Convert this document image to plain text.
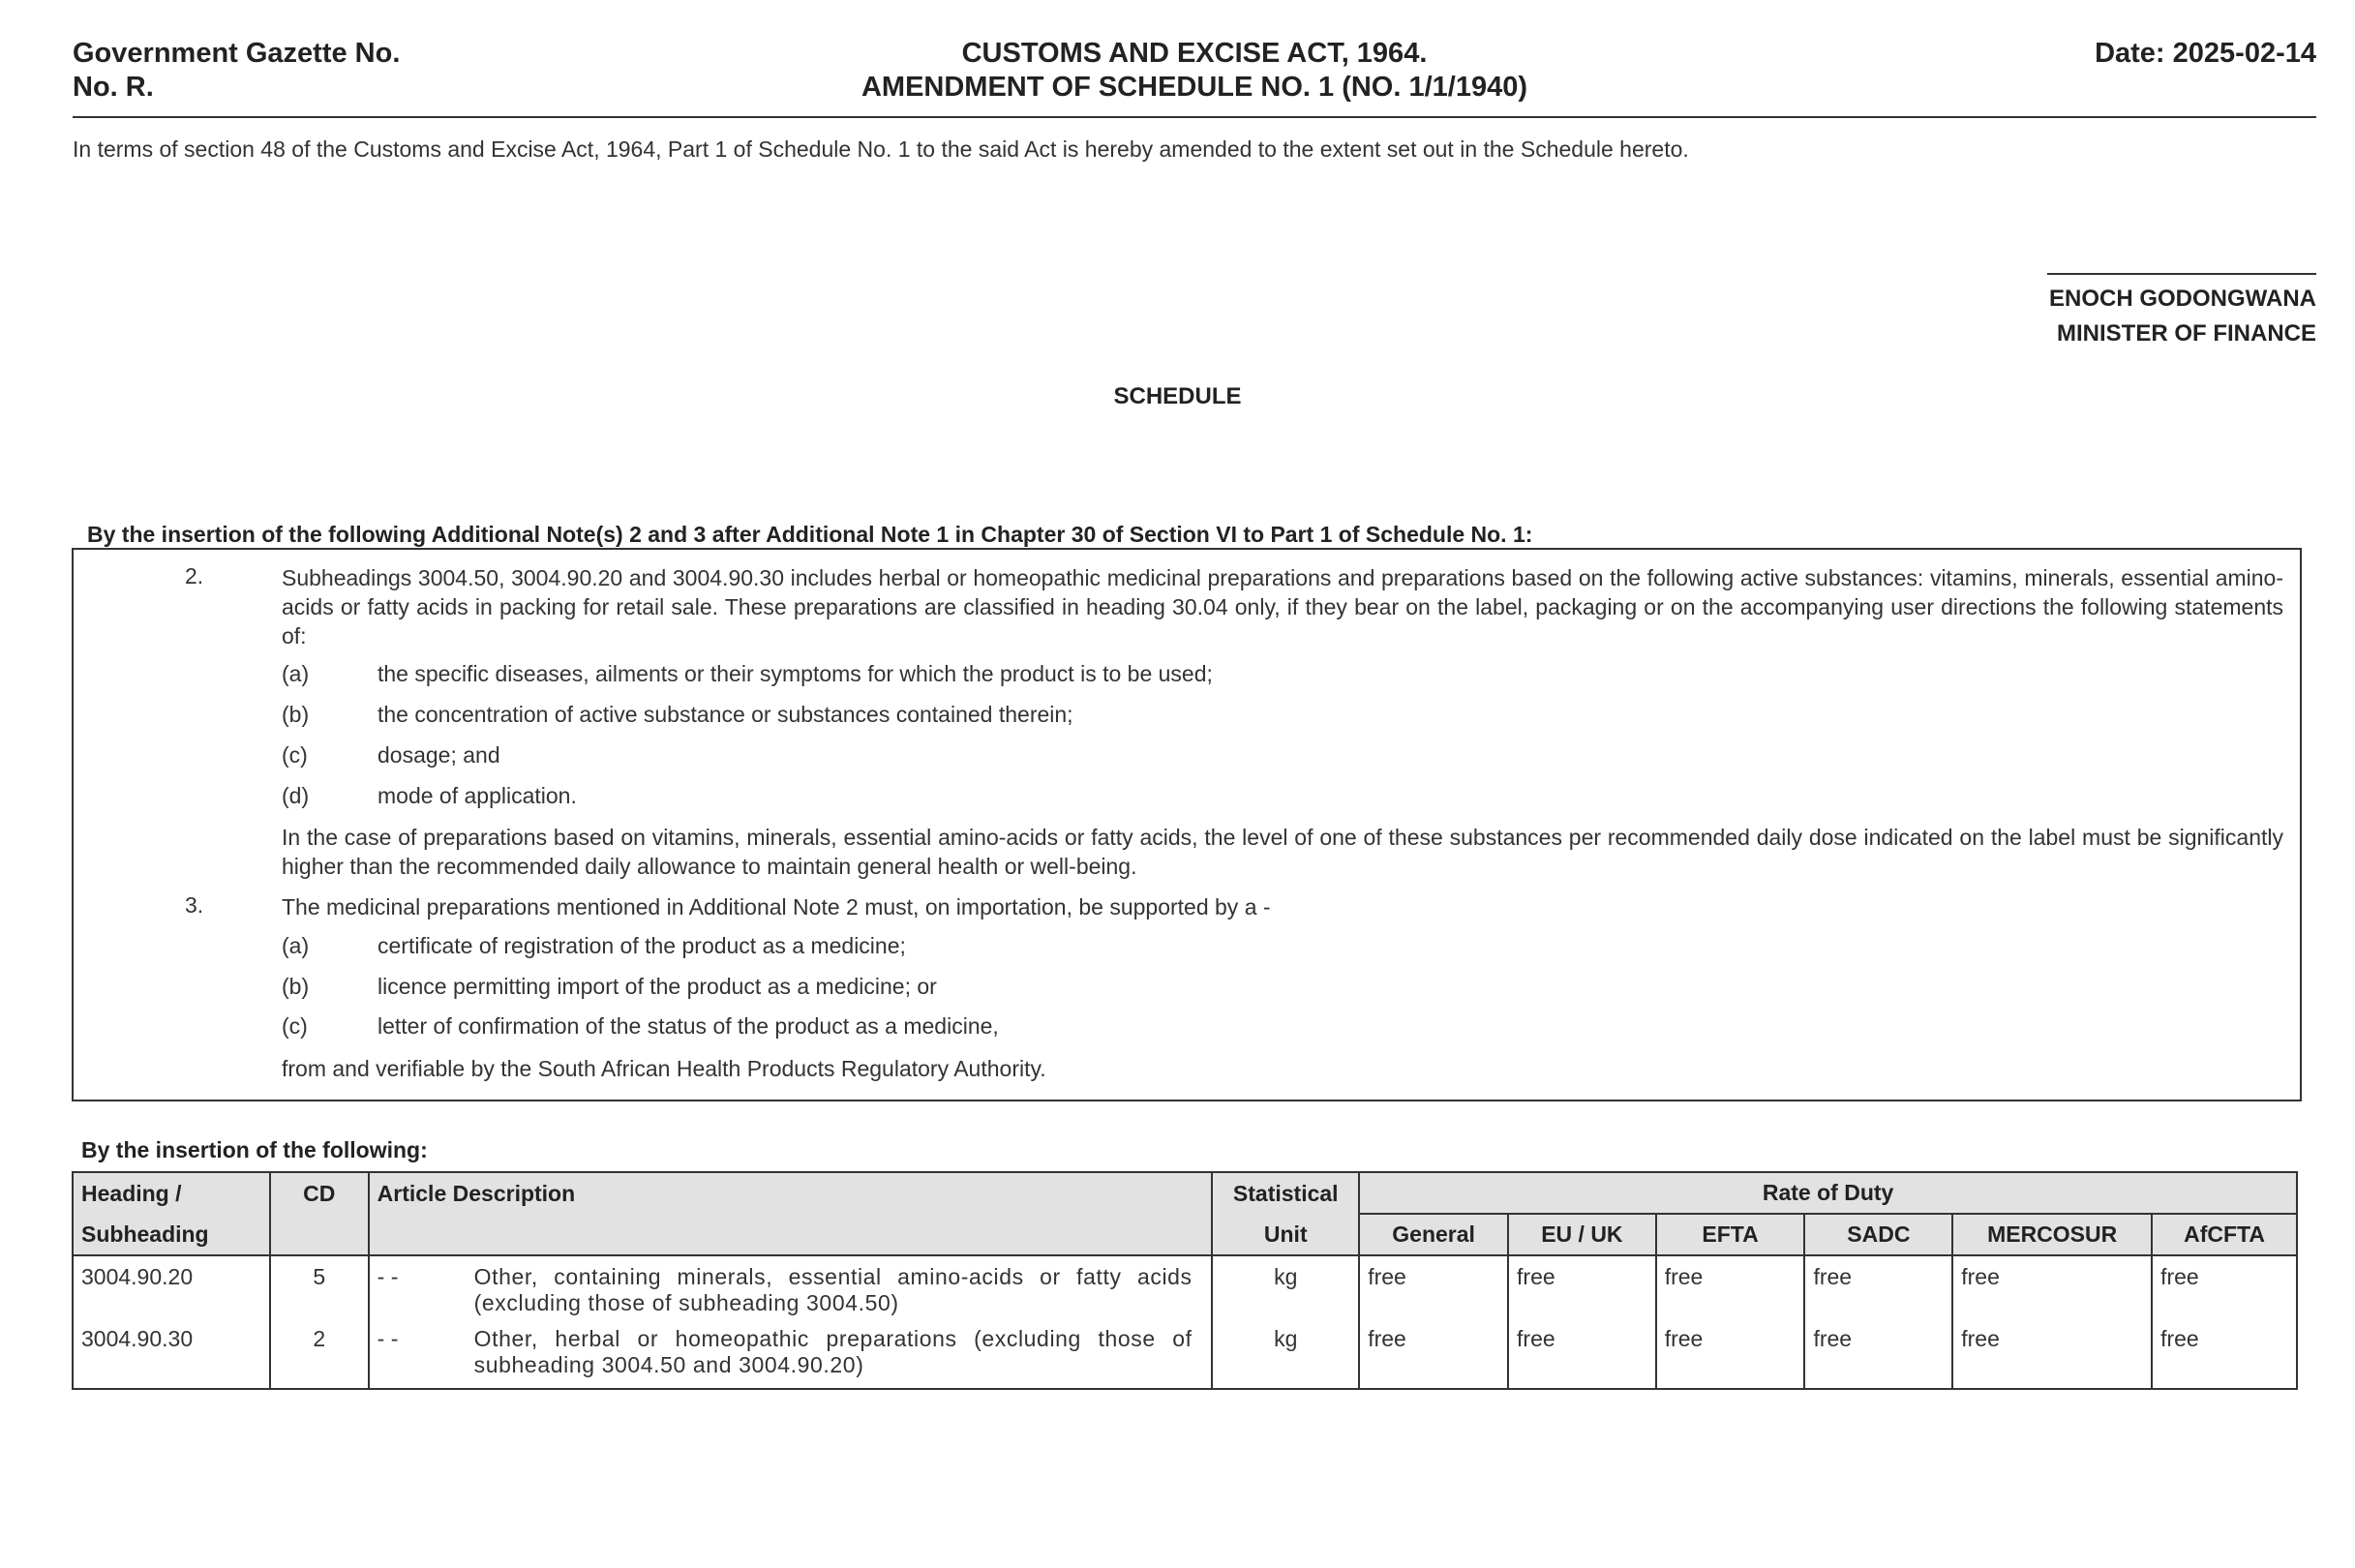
Government Gazette No.
No. R.
CUSTOMS AND EXCISE ACT, 1964.
AMENDMENT OF SCHEDULE NO. 1 (NO. 1/1/1940)
Date: 2025-02-14
In terms of section 48 of the Customs and Excise Act, 1964, Part 1 of Schedule No. 1 to the said Act is hereby amended to the extent set out in the Schedule hereto.
ENOCH GODONGWANA
MINISTER OF FINANCE
SCHEDULE
By the insertion of the following Additional Note(s) 2 and 3 after Additional Note 1 in Chapter 30 of Section VI to Part 1 of Schedule No. 1:
2.	Subheadings 3004.50, 3004.90.20 and 3004.90.30 includes herbal or homeopathic medicinal preparations and preparations based on the following active substances: vitamins, minerals, essential amino-acids or fatty acids in packing for retail sale. These preparations are classified in heading 30.04 only, if they bear on the label, packaging or on the accompanying user directions the following statements of:
(a)	the specific diseases, ailments or their symptoms for which the product is to be used;
(b)	the concentration of active substance or substances contained therein;
(c)	dosage; and
(d)	mode of application.
In the case of preparations based on vitamins, minerals, essential amino-acids or fatty acids, the level of one of these substances per recommended daily dose indicated on the label must be significantly higher than the recommended daily allowance to maintain general health or well-being.
3.	The medicinal preparations mentioned in Additional Note 2 must, on importation, be supported by a -
(a)	certificate of registration of the product as a medicine;
(b)	licence permitting import of the product as a medicine; or
(c)	letter of confirmation of the status of the product as a medicine,
from and verifiable by the South African Health Products Regulatory Authority.
By the insertion of the following:
Heading /	CD	Article Description	Statistical	Rate of Duty					
Subheading			Unit	General	EU / UK	EFTA	SADC	MERCOSUR	AfCFTA
3004.90.20	5	- - Other, containing minerals, essential amino-acids or fatty acids (excluding those of subheading 3004.50)	kg	free	free	free	free	free	free
3004.90.30	2	- - Other, herbal or homeopathic preparations (excluding those of subheading 3004.50 and 3004.90.20)	kg	free	free	free	free	free	free
